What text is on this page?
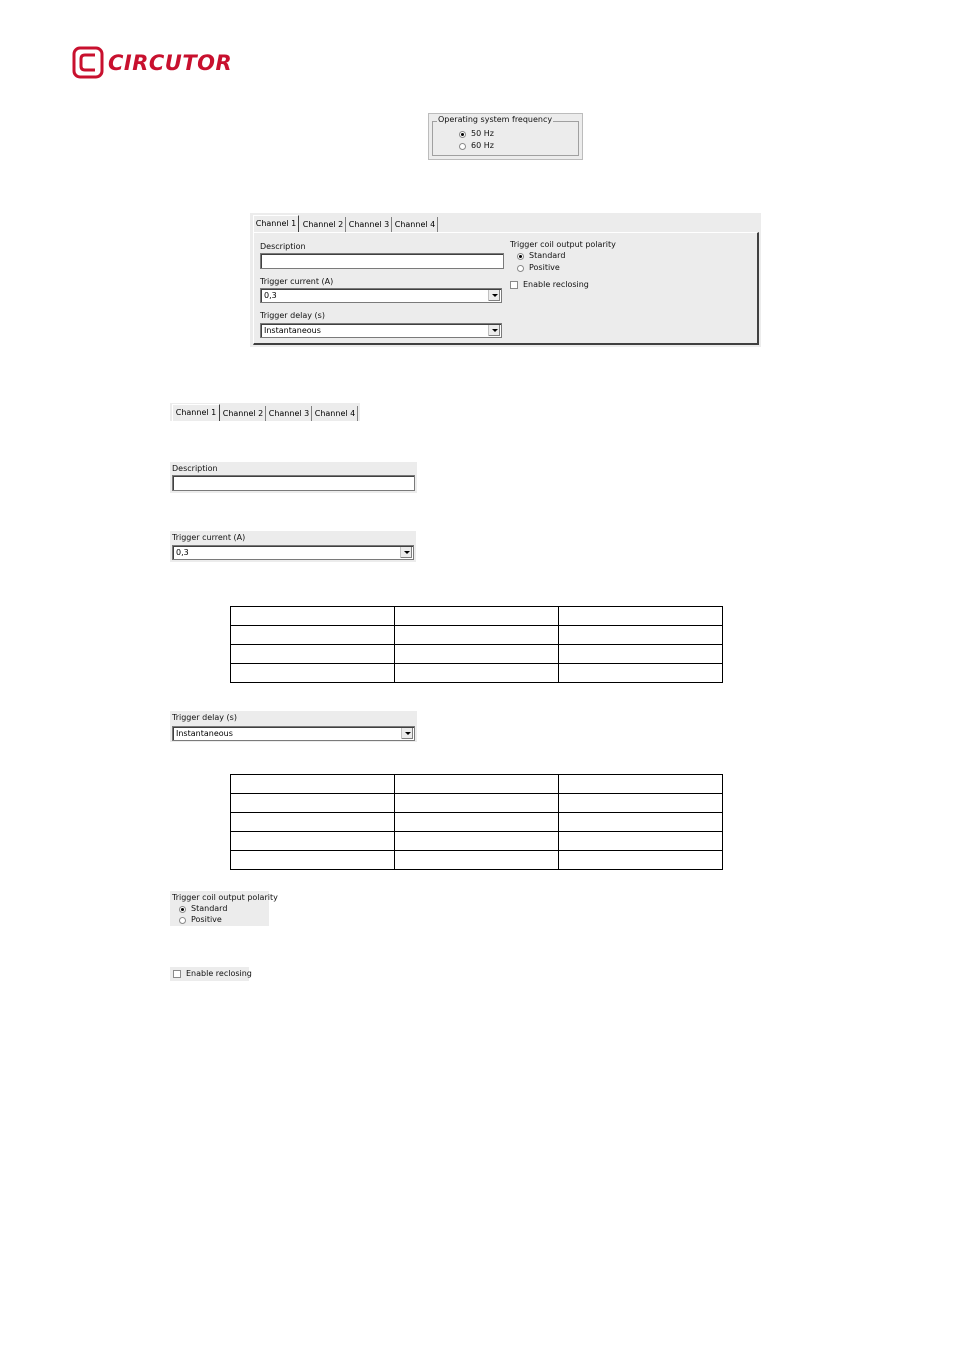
CIRCUTOR
Operating system frequency
50 Hz
60 Hz
Channel 1 Channel 2 Channel 3 Channel 4
Description
Trigger current (A)
0,3
Trigger delay (s)
Instantaneous
Trigger coil output polarity
Standard
Positive
Enable reclosing
Channel 1 Channel 2 Channel 3 Channel 4
Description
Trigger current (A)
0,3

Trigger delay (s)
Instantaneous

Trigger coil output polarity
Standard
Positive
Enable reclosing
